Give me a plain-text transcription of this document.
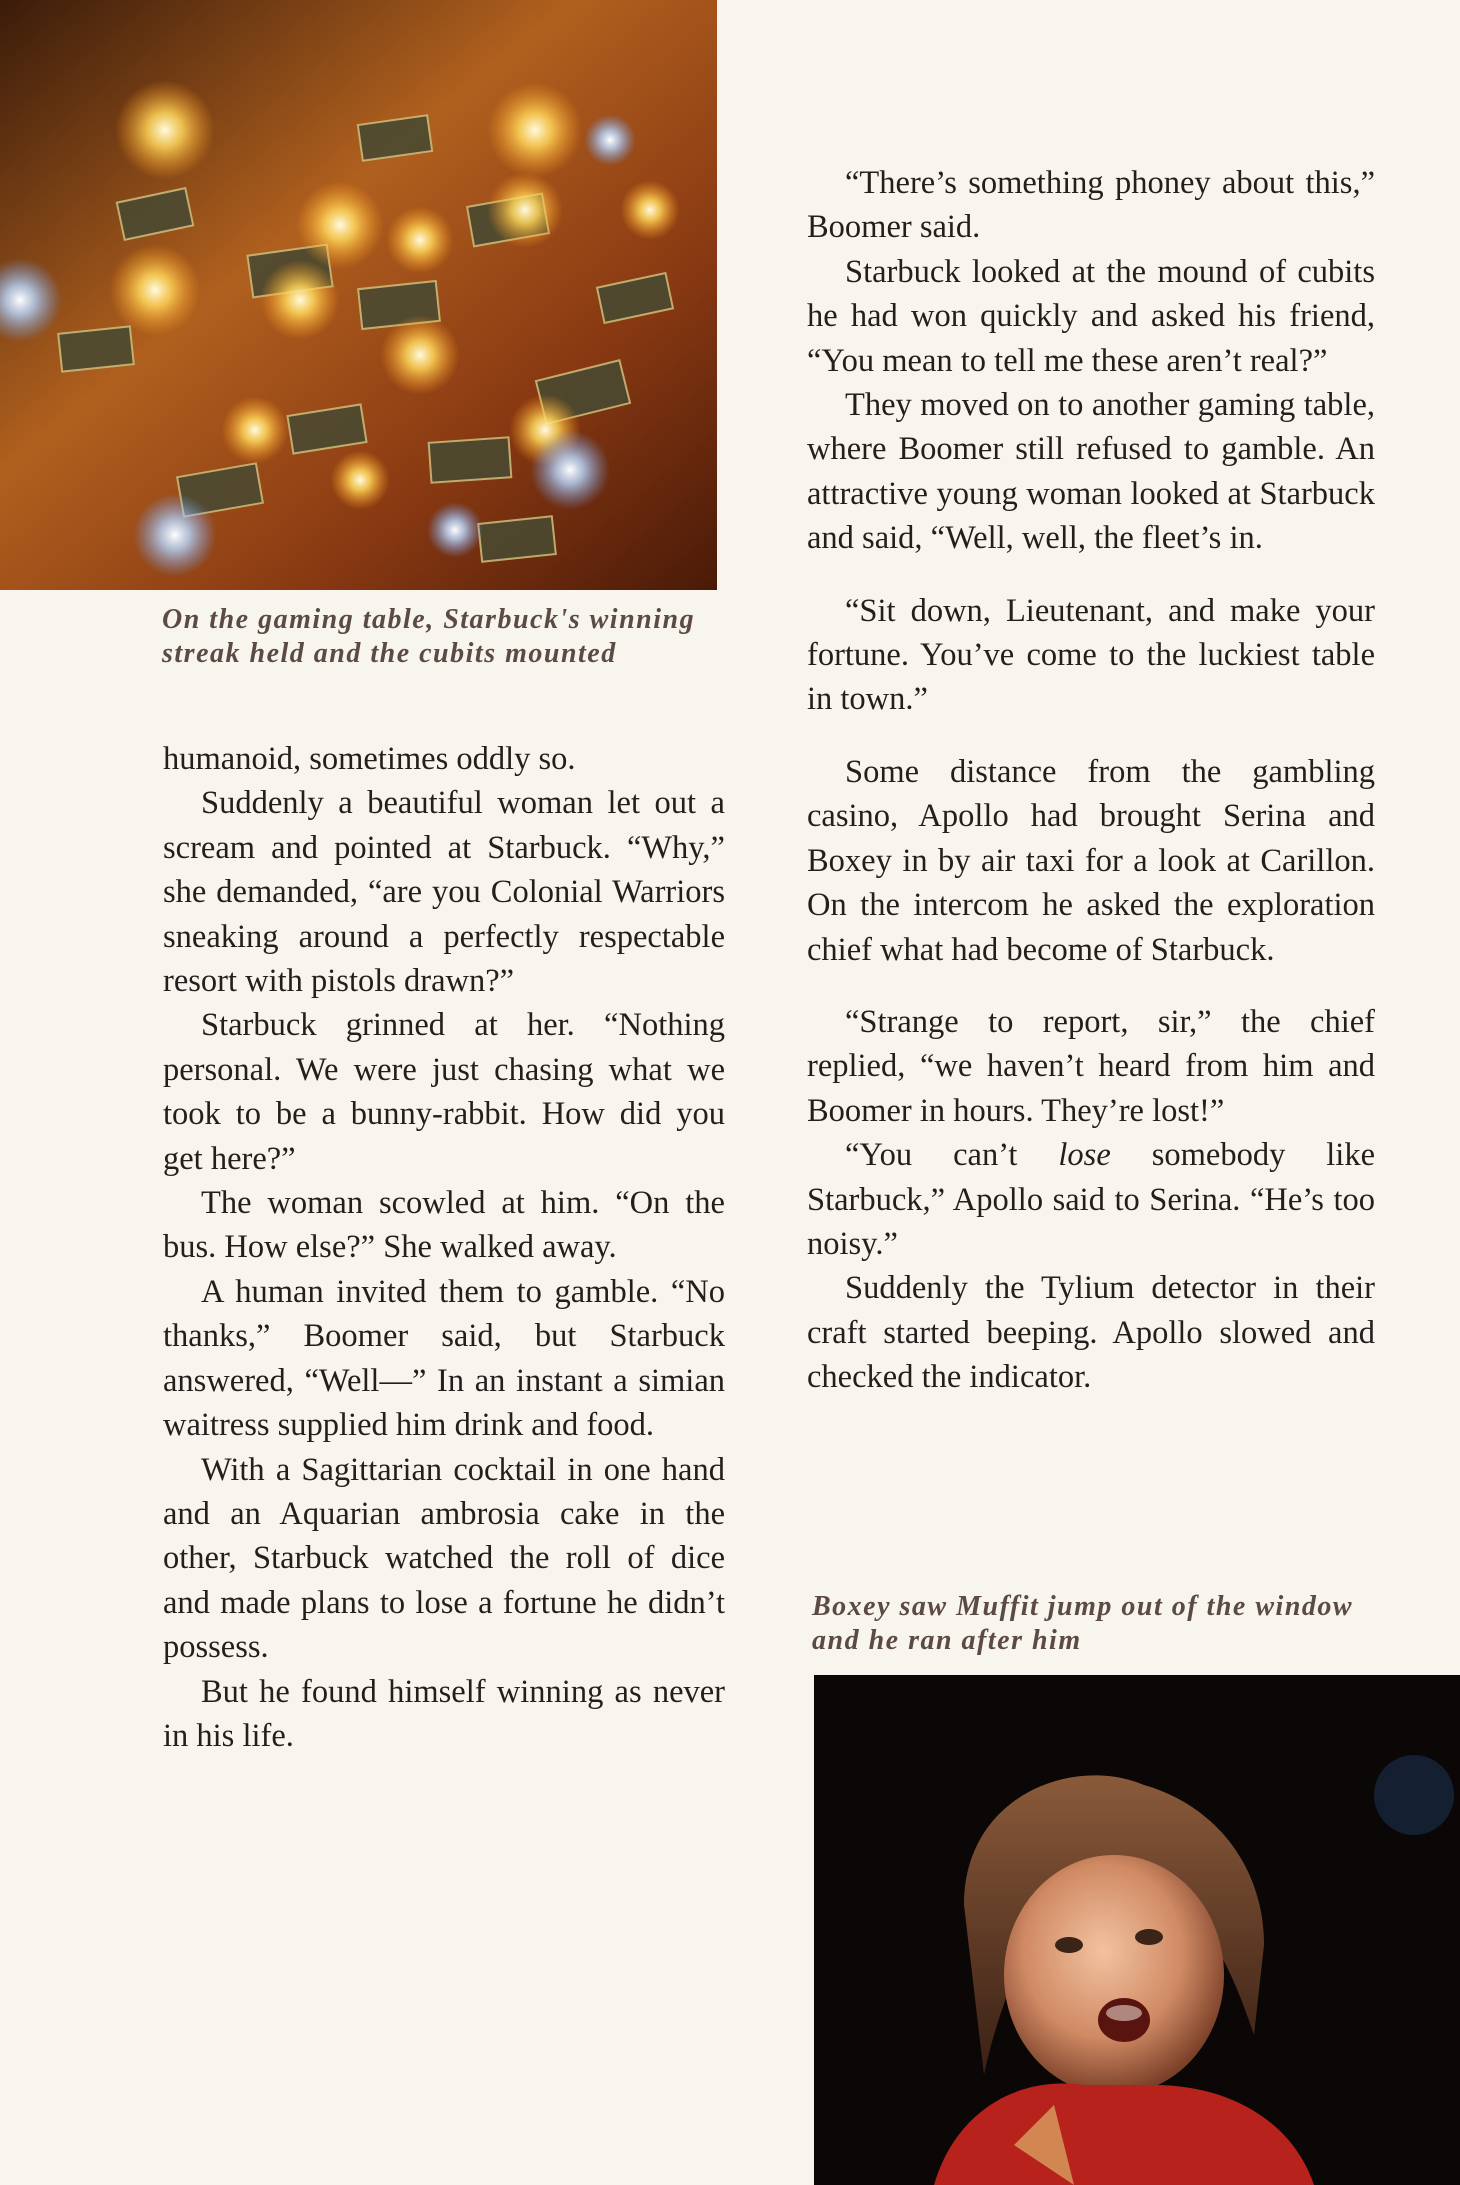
On the gaming table, Starbuck's winning streak held and the cubits mounted

humanoid, sometimes oddly so.

Suddenly a beautiful woman let out a scream and pointed at Starbuck. “Why,” she demanded, “are you Colonial Warriors sneaking around a perfectly respectable resort with pistols drawn?”

Starbuck grinned at her. “Nothing personal. We were just chasing what we took to be a bunny-rabbit. How did you get here?”

The woman scowled at him. “On the bus. How else?” She walked away.

A human invited them to gamble. “No thanks,” Boomer said, but Starbuck answered, “Well—” In an instant a simian waitress supplied him drink and food.

With a Sagittarian cocktail in one hand and an Aquarian ambrosia cake in the other, Starbuck watched the roll of dice and made plans to lose a fortune he didn’t possess.

But he found himself winning as never in his life.

“There’s something phoney about this,” Boomer said.

Starbuck looked at the mound of cubits he had won quickly and asked his friend, “You mean to tell me these aren’t real?”

They moved on to another gaming table, where Boomer still refused to gamble. An attractive young woman looked at Starbuck and said, “Well, well, the fleet’s in.

“Sit down, Lieutenant, and make your fortune. You’ve come to the luckiest table in town.”

Some distance from the gambling casino, Apollo had brought Serina and Boxey in by air taxi for a look at Carillon. On the intercom he asked the exploration chief what had become of Starbuck.

“Strange to report, sir,” the chief replied, “we haven’t heard from him and Boomer in hours. They’re lost!”

“You can’t lose somebody like Starbuck,” Apollo said to Serina. “He’s too noisy.”

Suddenly the Tylium detector in their craft started beeping. Apollo slowed and checked the indicator.

Boxey saw Muffit jump out of the window and he ran after him
